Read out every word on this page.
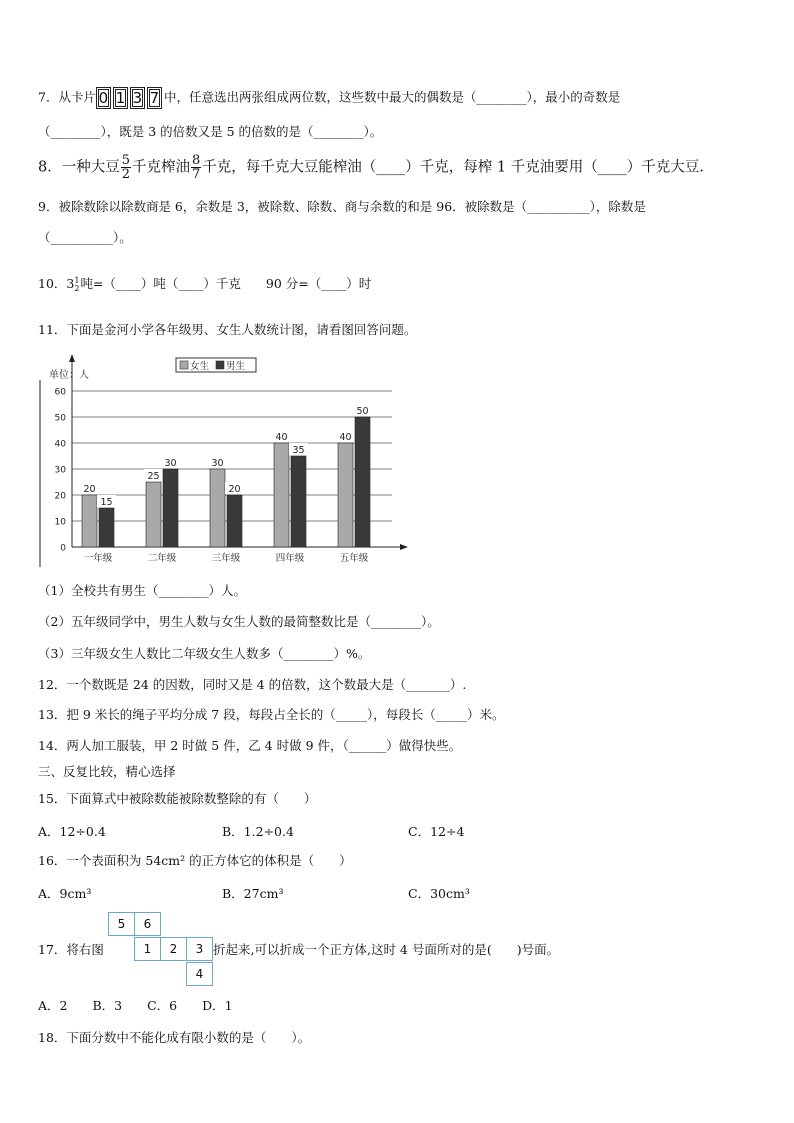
7．从卡片 0 1 3 7 中，任意选出两张组成两位数，这些数中最大的偶数是（________），最小的奇数是
（________），既是 3 的倍数又是 5 的倍数的是（________）。
8．一种大豆 $\frac{5}{2}$ 千克榨油 $\frac{8}{7}$ 千克，每千克大豆能榨油（____）千克，每榨 1 千克油要用（____）千克大豆.
9．被除数除以除数商是 6，余数是 3，被除数、除数、商与余数的和是 96．被除数是（__________），除数是
（__________）。
10．3 1
2 吨=（____）吨（____）千克　　90 分=（____）时
11．下面是金河小学各年级男、女生人数统计图，请看图回答问题。
0
10
20
30
40
50
60
单位：人
女生 男生
20
15
一年级
25
30
二年级
30
20
三年级
40
35
四年级
40
50
五年级
（1）全校共有男生（________）人。
（2）五年级同学中，男生人数与女生人数的最简整数比是（________）。
（3）三年级女生人数比二年级女生人数多（________）%。
12．一个数既是 24 的因数，同时又是 4 的倍数，这个数最大是（_______）.
13．把 9 米长的绳子平均分成 7 段，每段占全长的（_____），每段长（_____）米。
14．两人加工服装，甲 2 时做 5 件，乙 4 时做 9 件，（______）做得快些。
三、反复比较，精心选择
15．下面算式中被除数能被除数整除的有（　　）
A．12÷0.4	B．1.2÷0.4	C．12÷4
16．一个表面积为 54cm² 的正方体它的体积是（　　）
A．9cm³	B．27cm³	C．30cm³
17．将右图
5	6
1	2	3
4
折起来,可以折成一个正方体,这时 4 号面所对的是(　　)号面。
A．2　　B．3　　C．6　　D．1
18．下面分数中不能化成有限小数的是（　　）。
